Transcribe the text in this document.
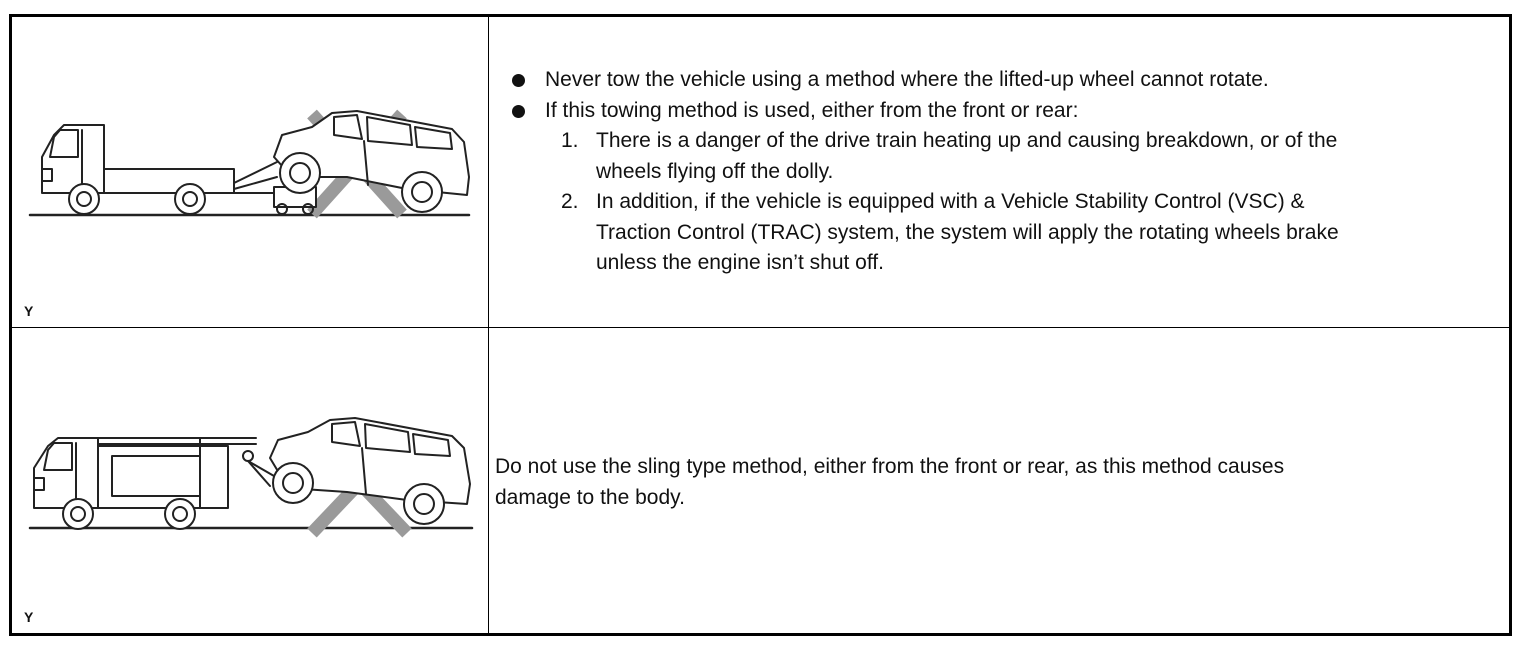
Y
Never tow the vehicle using a method where the lifted-up wheel cannot rotate.
If this towing method is used, either from the front or rear:
1. There is a danger of the drive train heating up and causing breakdown, or of the
wheels flying off the dolly.
2. In addition, if the vehicle is equipped with a Vehicle Stability Control (VSC) &
Traction Control (TRAC) system, the system will apply the rotating wheels brake
unless the engine isn’t shut off.
Y
Do not use the sling type method, either from the front or rear, as this method causes
damage to the body.
